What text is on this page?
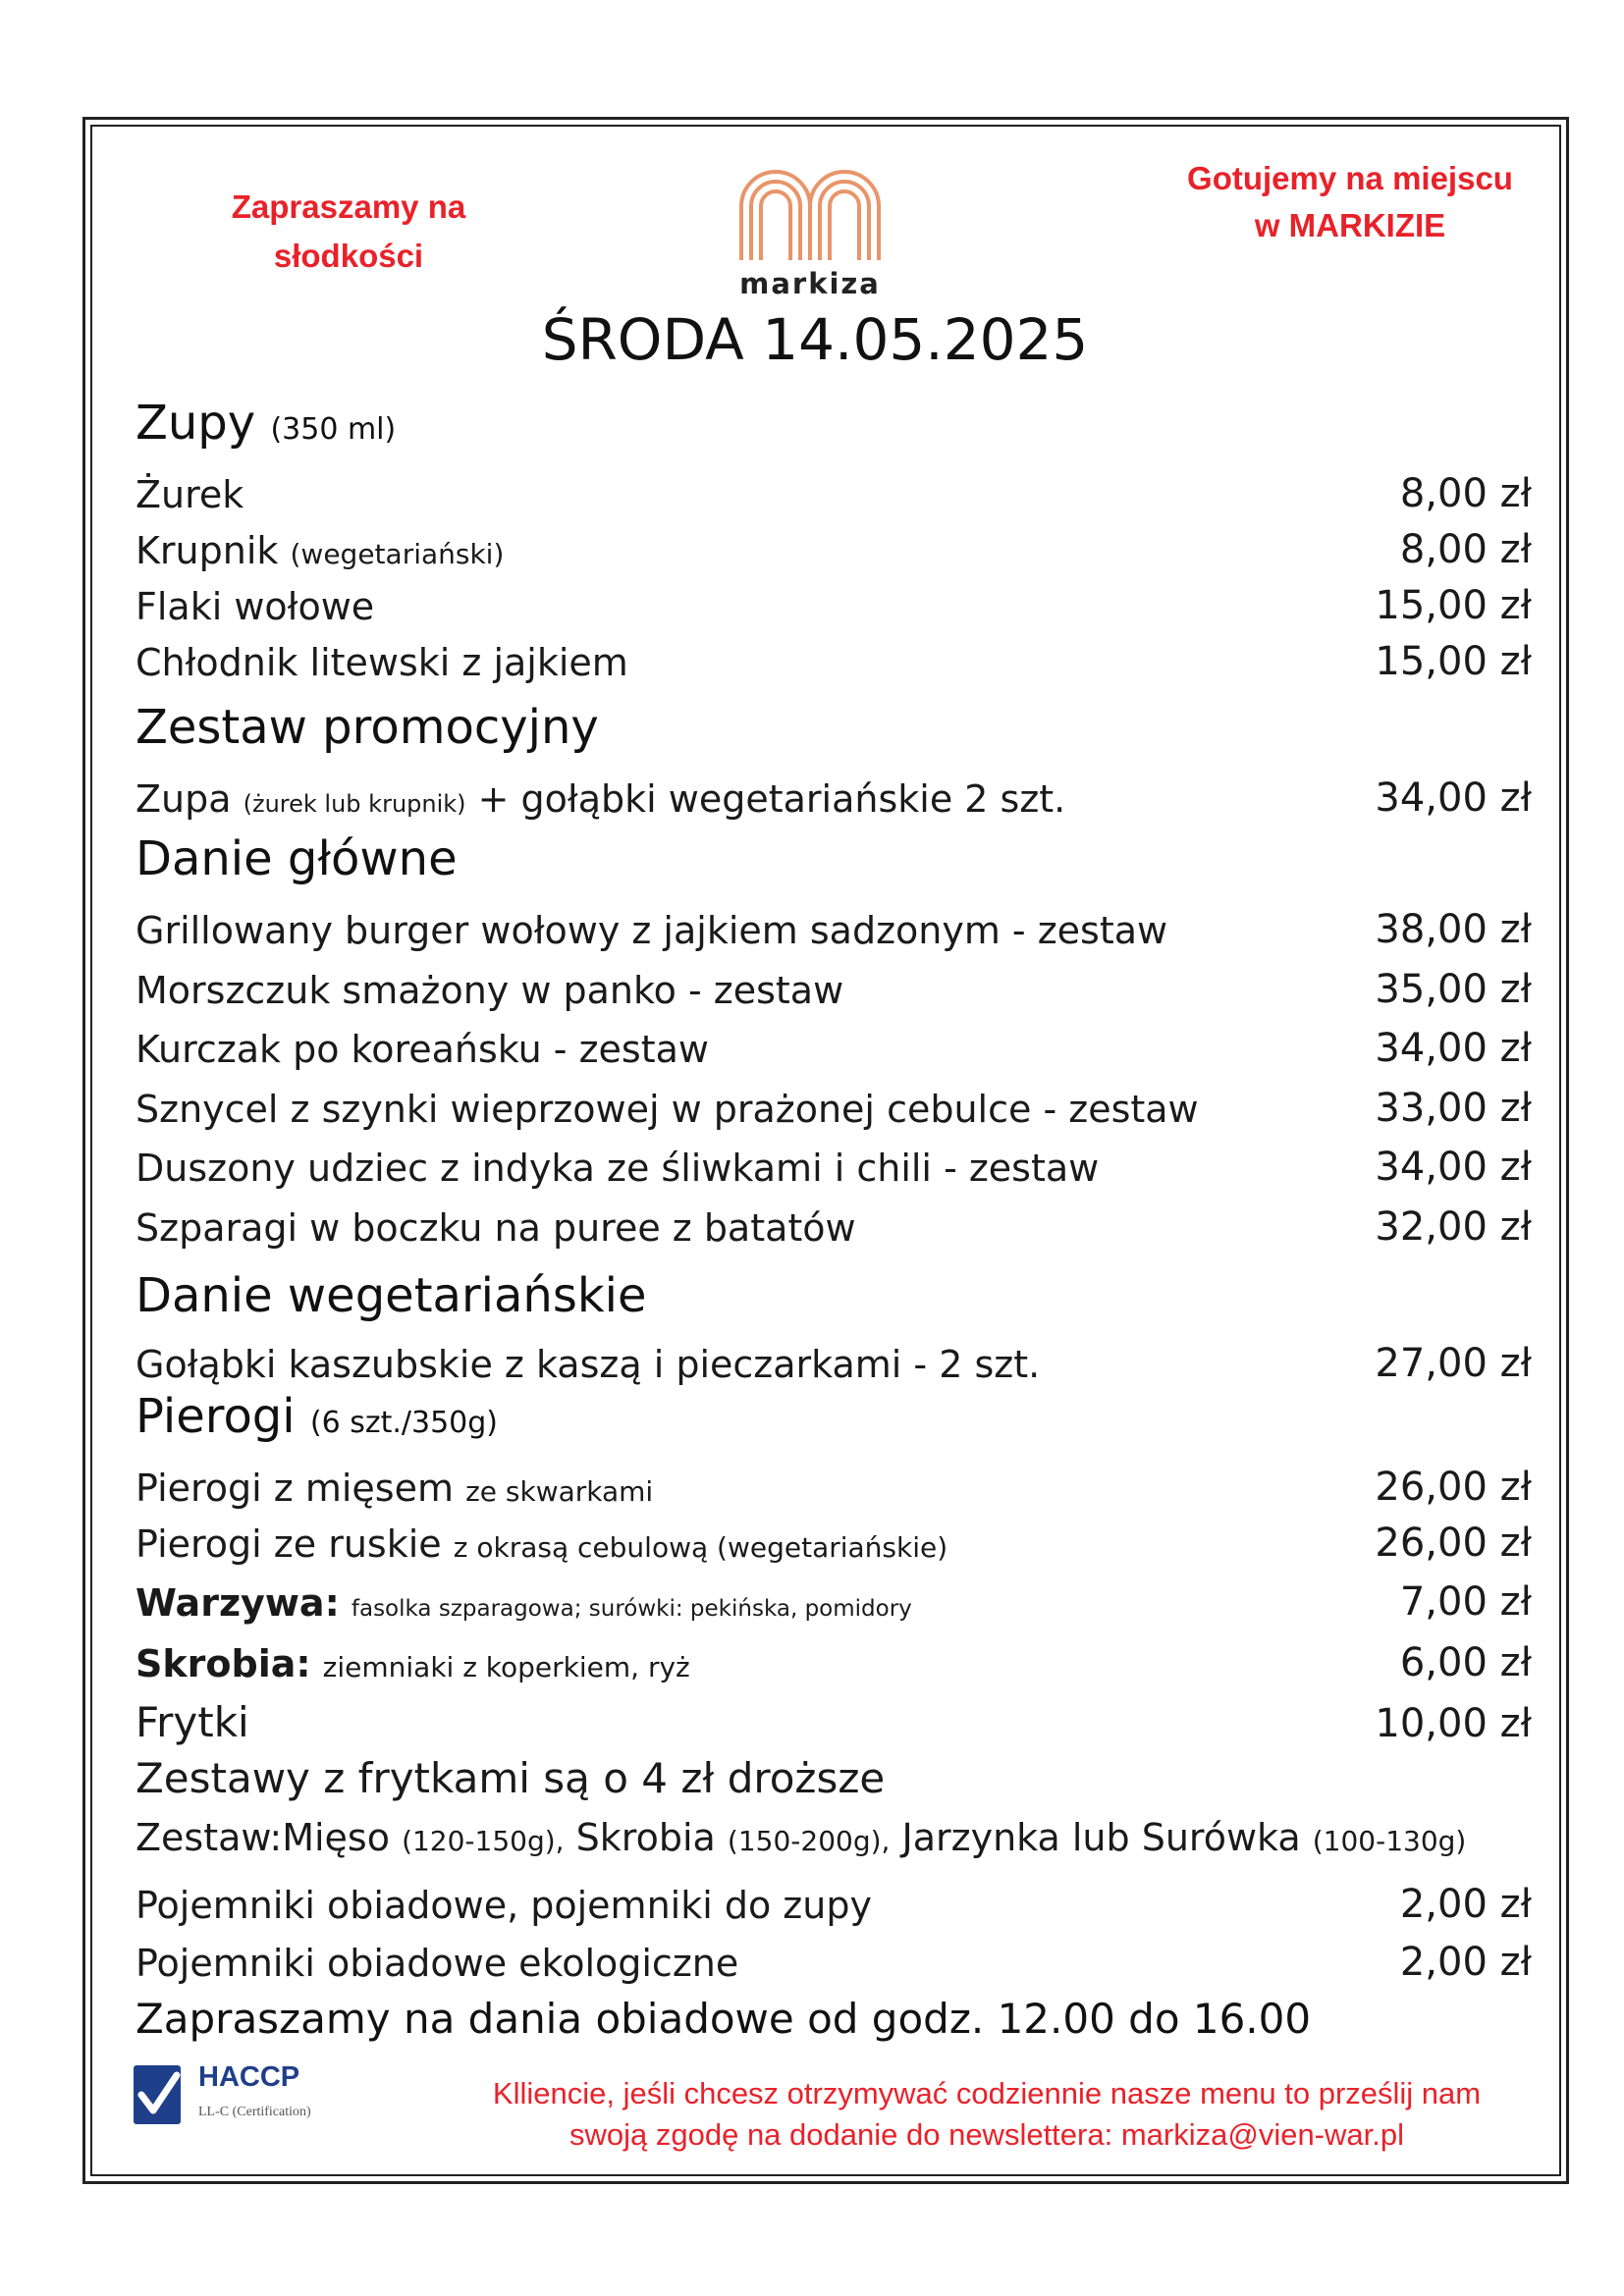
Zapraszamy na
słodkości
markiza
Gotujemy na miejscu
w MARKIZIE
ŚRODA 14.05.2025
Zupy (350 ml)
Żurek	8,00 zł
Krupnik (wegetariański)	8,00 zł
Flaki wołowe	15,00 zł
Chłodnik litewski z jajkiem	15,00 zł
Zestaw promocyjny
Zupa (żurek lub krupnik) + gołąbki wegetariańskie 2 szt.	34,00 zł
Danie główne
Grillowany burger wołowy z jajkiem sadzonym - zestaw	38,00 zł
Morszczuk smażony w panko - zestaw	35,00 zł
Kurczak po koreańsku - zestaw	34,00 zł
Sznycel z szynki wieprzowej w prażonej cebulce - zestaw	33,00 zł
Duszony udziec z indyka ze śliwkami i chili - zestaw	34,00 zł
Szparagi w boczku na puree z batatów	32,00 zł
Danie wegetariańskie
Gołąbki kaszubskie z kaszą i pieczarkami - 2 szt.	27,00 zł
Pierogi (6 szt./350g)
Pierogi z mięsem ze skwarkami	26,00 zł
Pierogi ze ruskie z okrasą cebulową (wegetariańskie)	26,00 zł
Warzywa: fasolka szparagowa; surówki: pekińska, pomidory	7,00 zł
Skrobia: ziemniaki z koperkiem, ryż	6,00 zł
Frytki	10,00 zł
Zestawy z frytkami są o 4 zł droższe
Zestaw:Mięso (120-150g), Skrobia (150-200g), Jarzynka lub Surówka (100-130g)
Pojemniki obiadowe, pojemniki do zupy	2,00 zł
Pojemniki obiadowe ekologiczne	2,00 zł
Zapraszamy na dania obiadowe od godz. 12.00 do 16.00
HACCP
LL-C (Certification)
Klliencie, jeśli chcesz otrzymywać codziennie nasze menu to prześlij nam
swoją zgodę na dodanie do newslettera: markiza@vien-war.pl
